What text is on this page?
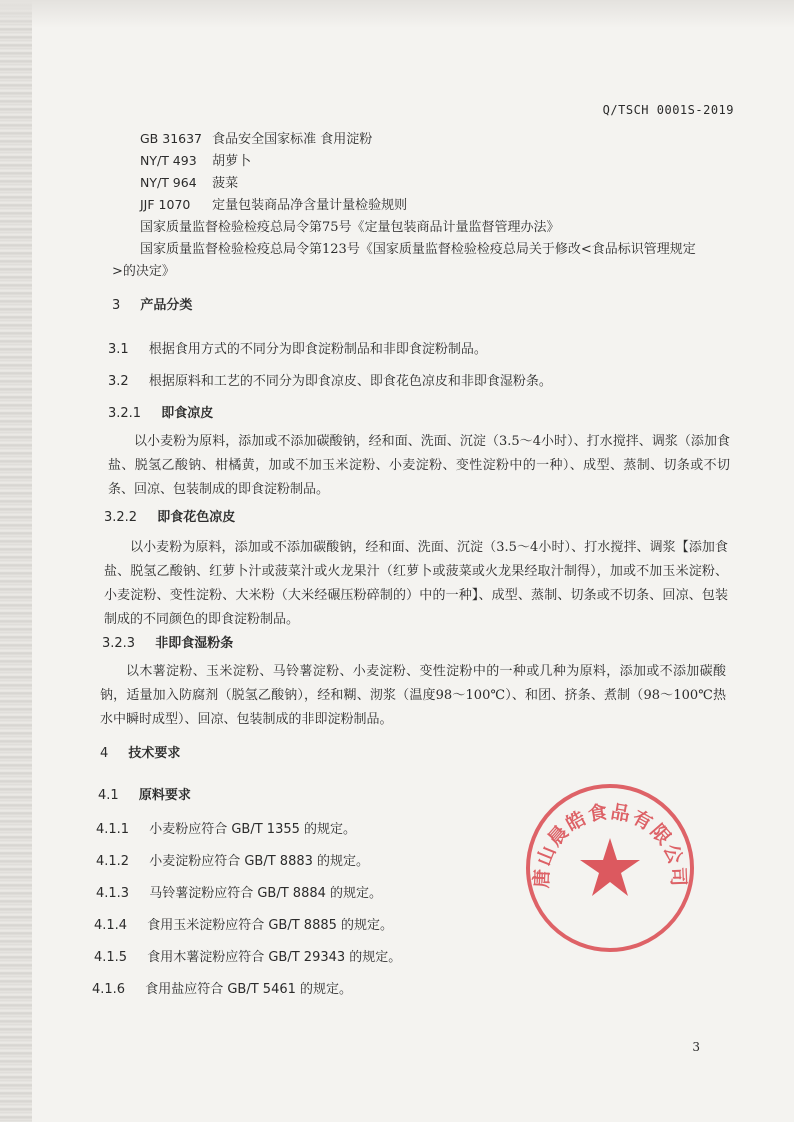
Q/TSCH 0001S-2019
GB 31637 食品安全国家标准 食用淀粉
NY/T 493 胡萝卜
NY/T 964 菠菜
JJF 1070 定量包装商品净含量计量检验规则
国家质量监督检验检疫总局令第75号《定量包装商品计量监督管理办法》
国家质量监督检验检疫总局令第123号《国家质量监督检验检疫总局关于修改<食品标识管理规定
>的决定》
3 产品分类
3.1 根据食用方式的不同分为即食淀粉制品和非即食淀粉制品。
3.2 根据原料和工艺的不同分为即食凉皮、即食花色凉皮和非即食湿粉条。
3.2.1 即食凉皮

以小麦粉为原料，添加或不添加碳酸钠，经和面、洗面、沉淀（3.5～4小时）、打水搅拌、调浆（添加食盐、脱氢乙酸钠、柑橘黄，加或不加玉米淀粉、小麦淀粉、变性淀粉中的一种）、成型、蒸制、切条或不切条、回凉、包装制成的即食淀粉制品。

3.2.2 即食花色凉皮

以小麦粉为原料，添加或不添加碳酸钠，经和面、洗面、沉淀（3.5～4小时）、打水搅拌、调浆【添加食盐、脱氢乙酸钠、红萝卜汁或菠菜汁或火龙果汁（红萝卜或菠菜或火龙果经取汁制得），加或不加玉米淀粉、小麦淀粉、变性淀粉、大米粉（大米经碾压粉碎制的）中的一种】、成型、蒸制、切条或不切条、回凉、包装制成的不同颜色的即食淀粉制品。

3.2.3 非即食湿粉条

以木薯淀粉、玉米淀粉、马铃薯淀粉、小麦淀粉、变性淀粉中的一种或几种为原料，添加或不添加碳酸钠，适量加入防腐剂（脱氢乙酸钠），经和糊、沏浆（温度98～100℃）、和团、挤条、煮制（98～100℃热水中瞬时成型）、回凉、包装制成的非即淀粉制品。

4 技术要求
4.1 原料要求
4.1.1 小麦粉应符合 GB/T 1355 的规定。
4.1.2 小麦淀粉应符合 GB/T 8883 的规定。
4.1.3 马铃薯淀粉应符合 GB/T 8884 的规定。
4.1.4 食用玉米淀粉应符合 GB/T 8885 的规定。
4.1.5 食用木薯淀粉应符合 GB/T 29343 的规定。
4.1.6 食用盐应符合 GB/T 5461 的规定。
唐山晨皓食品有限公司
3
